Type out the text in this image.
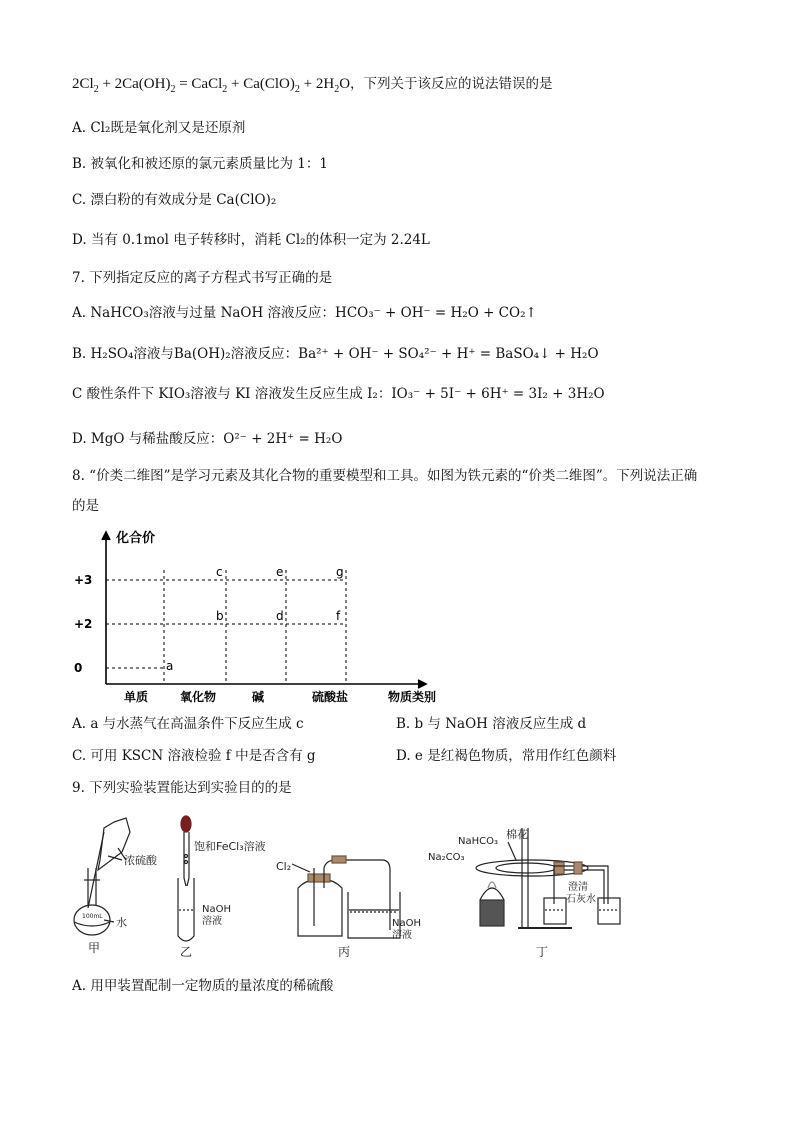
$2Cl_2 + 2Ca(OH)_2$ = CaCl$_2$ + $Ca(ClO)_2 + 2H_2O$，下列关于该反应的说法错误的是
A. Cl₂既是氧化剂又是还原剂
B. 被氧化和被还原的氯元素质量比为 1：1
C. 漂白粉的有效成分是 Ca(ClO)₂
D. 当有 0.1mol 电子转移时，消耗 Cl₂的体积一定为 2.24L
7. 下列指定反应的离子方程式书写正确的是
A. NaHCO₃溶液与过量 NaOH 溶液反应：HCO₃⁻ + OH⁻ = H₂O + CO₂↑
B. H₂SO₄溶液与Ba(OH)₂溶液反应：Ba²⁺ + OH⁻ + SO₄²⁻ + H⁺ = BaSO₄↓ + H₂O
C 酸性条件下 KIO₃溶液与 KI 溶液发生反应生成 I₂：IO₃⁻ + 5I⁻ + 6H⁺ = 3I₂ + 3H₂O
D. MgO 与稀盐酸反应：O²⁻ + 2H⁺ = H₂O
8. “价类二维图”是学习元素及其化合物的重要模型和工具。如图为铁元素的“价类二维图”。下列说法正确
的是
+3
+2
0
单质	氧化物	碱	硫酸盐
a
b
c
d
e
f
g
化合价
物质类别
A. a 与水蒸气在高温条件下反应生成 c	B. b 与 NaOH 溶液反应生成 d
C. 可用 KSCN 溶液检验 f 中是否含有 g	D. e 是红褐色物质，常用作红色颜料
9. 下列实验装置能达到实验目的的是
浓硫酸
水
100mL
甲
饱和FeCl₃溶液
NaOH
溶液
乙
Cl₂
NaOH
溶液
丙
NaHCO₃
棉花
Na₂CO₃
澄清
石灰水
丁
A. 用甲装置配制一定物质的量浓度的稀硫酸
